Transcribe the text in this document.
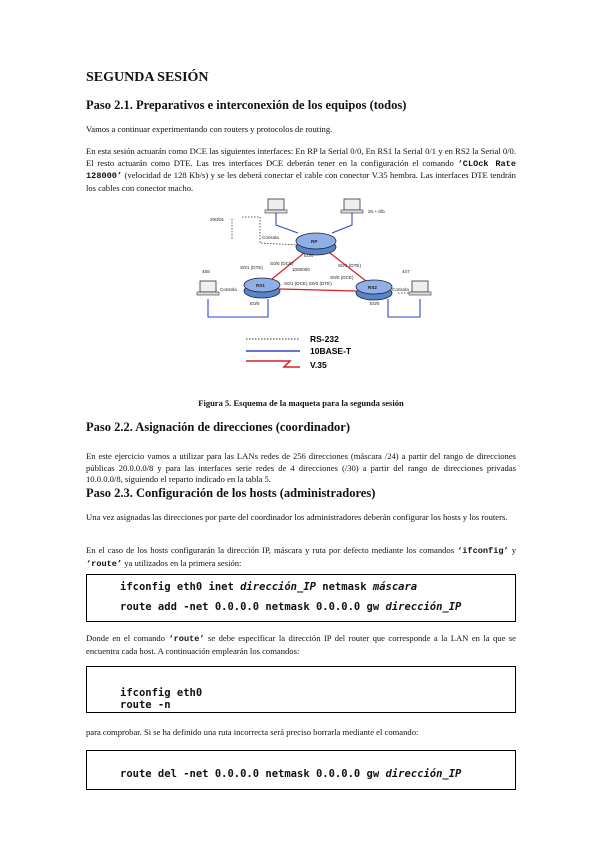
SEGUNDA SESIÓN
Paso 2.1. Preparativos e interconexión de los equipos (todos)

Vamos a continuar experimentando con routers y protocolos de routing.

En esta sesión actuarán como DCE las siguientes interfaces: En RP la Serial 0/0, En RS1 la Serial 0/1 y en RS2 la Serial 0/0. El resto actuarán como DTE. Las tres interfaces DCE deberán tener en la configuración el comando ‘CLOck Rate 128000’ (velocidad de 128 Kb/s) y se les deberá conectar el cable con conector V.35 hembra. Las interfaces DTE tendrán los cables con conector macho.

RP
RS1	RS2
200/01
20.+.0/b
458	447
Consola
Consola	Consola
S0/0 (DCE)
S0/1 (DTE)	S0/1 (DTE)
S0/0 (DCE)
S0/1 (DCE) S0/0 (DTE)
E0/0	E0/0
E0/0
1000000
RS-232
10BASE-T
V.35
Figura 5. Esquema de la maqueta para la segunda sesión
Paso 2.2. Asignación de direcciones (coordinador)

En este ejercicio vamos a utilizar para las LANs redes de 256 direcciones (máscara /24) a partir del rango de direcciones públicas 20.0.0.0/8 y para las interfaces serie redes de 4 direcciones (/30) a partir del rango de direcciones privadas 10.0.0.0/8, siguiendo el reparto indicado en la tabla 5.

Paso 2.3. Configuración de los hosts (administradores)

Una vez asignadas las direcciones por parte del coordinador los administradores deberán configurar los hosts y los routers.

En el caso de los hosts configurarán la dirección IP, máscara y ruta por defecto mediante los comandos ‘ifconfig’ y ‘route’ ya utilizados en la primera sesión:

ifconfig eth0 inet dirección_IP netmask máscara
route add -net 0.0.0.0 netmask 0.0.0.0 gw dirección_IP

Donde en el comando ‘route’ se debe especificar la dirección IP del router que corresponde a la LAN en la que se encuentra cada host. A continuación emplearán los comandos:

ifconfig eth0
route -n

para comprobar. Si se ha definido una ruta incorrecta será preciso borrarla mediante el comando:

route del -net 0.0.0.0 netmask 0.0.0.0 gw dirección_IP
